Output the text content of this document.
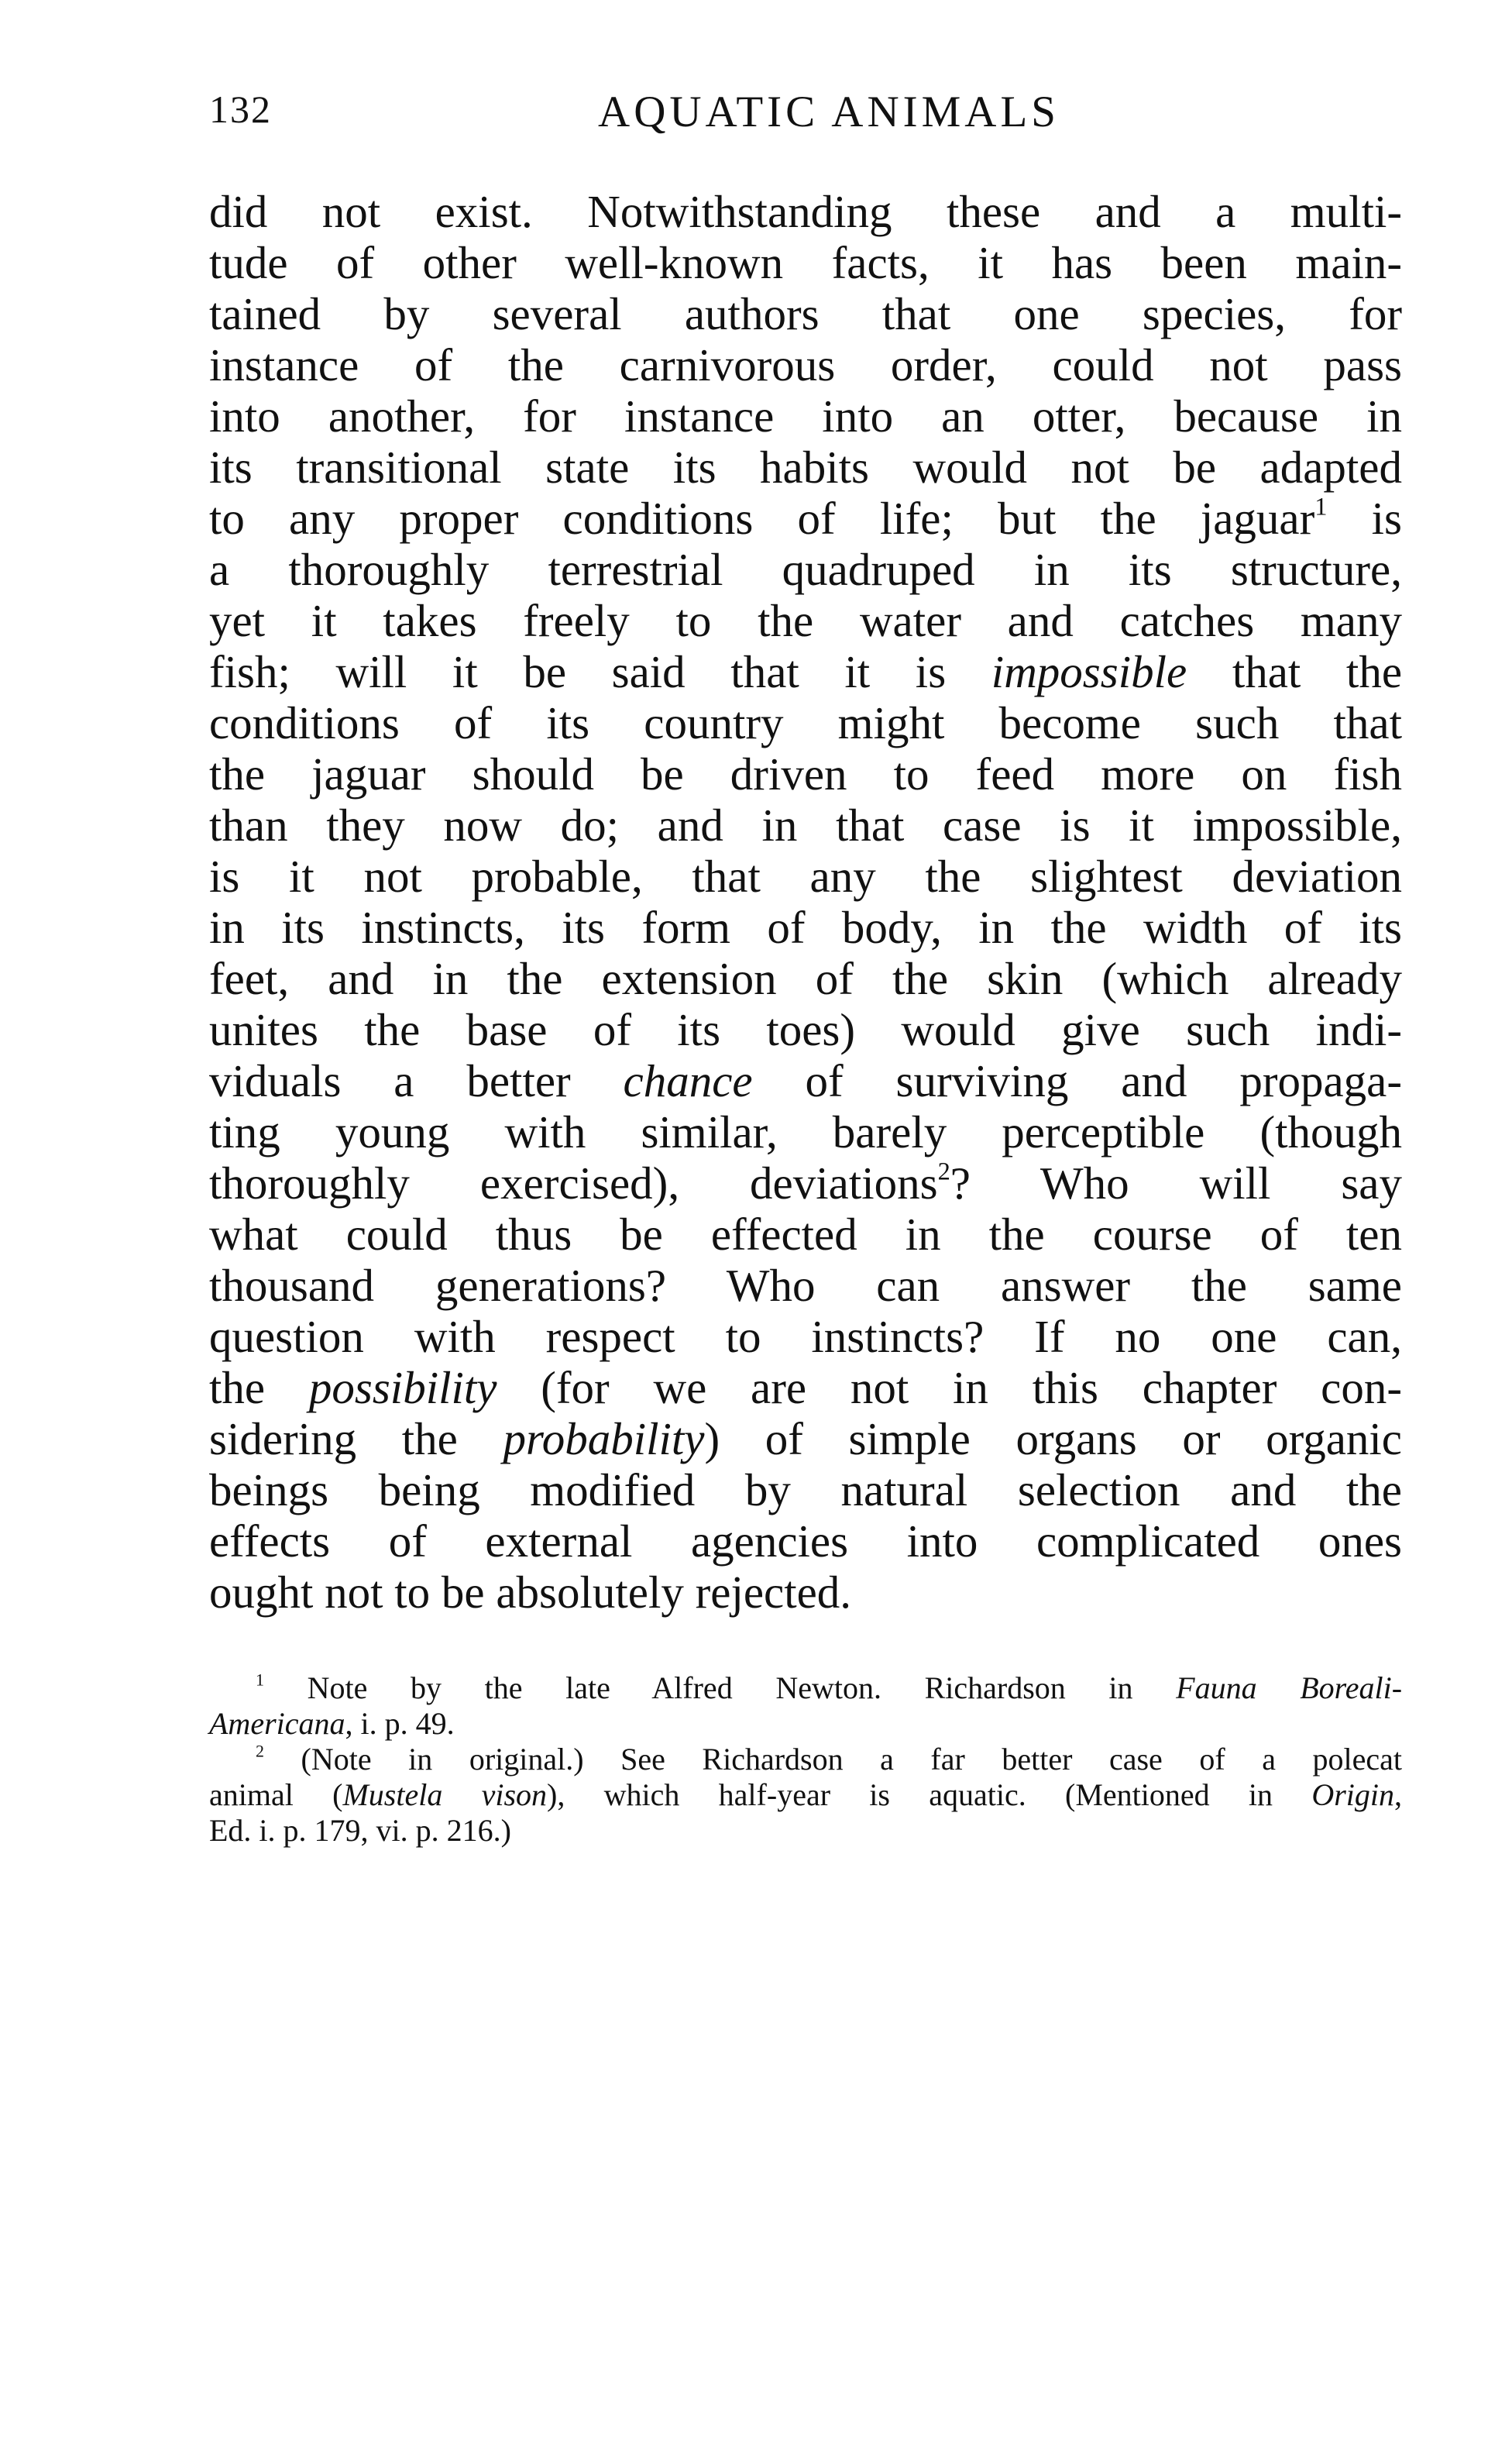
132	AQUATIC ANIMALS
did not exist. Notwithstanding these and a multi-
tude of other well-known facts, it has been main-
tained by several authors that one species, for
instance of the carnivorous order, could not pass
into another, for instance into an otter, because in
its transitional state its habits would not be adapted
to any proper conditions of life; but the jaguar$^1$ is
a thoroughly terrestrial quadruped in its structure,
yet it takes freely to the water and catches many
fish; will it be said that it is impossible that the
conditions of its country might become such that
the jaguar should be driven to feed more on fish
than they now do; and in that case is it impossible,
is it not probable, that any the slightest deviation
in its instincts, its form of body, in the width of its
feet, and in the extension of the skin (which already
unites the base of its toes) would give such indi-
viduals a better chance of surviving and propaga-
ting young with similar, barely perceptible (though
thoroughly exercised), deviations$^2$? Who will say
what could thus be effected in the course of ten
thousand generations? Who can answer the same
question with respect to instincts? If no one can,
the possibility (for we are not in this chapter con-
sidering the probability) of simple organs or organic
beings being modified by natural selection and the
effects of external agencies into complicated ones
ought not to be absolutely rejected.
$^1$ Note by the late Alfred Newton. Richardson in Fauna Boreali-
Americana, i. p. 49.
$^2$ (Note in original.) See Richardson a far better case of a polecat
animal (Mustela vison), which half-year is aquatic. (Mentioned in Origin,
Ed. i. p. 179, vi. p. 216.)
